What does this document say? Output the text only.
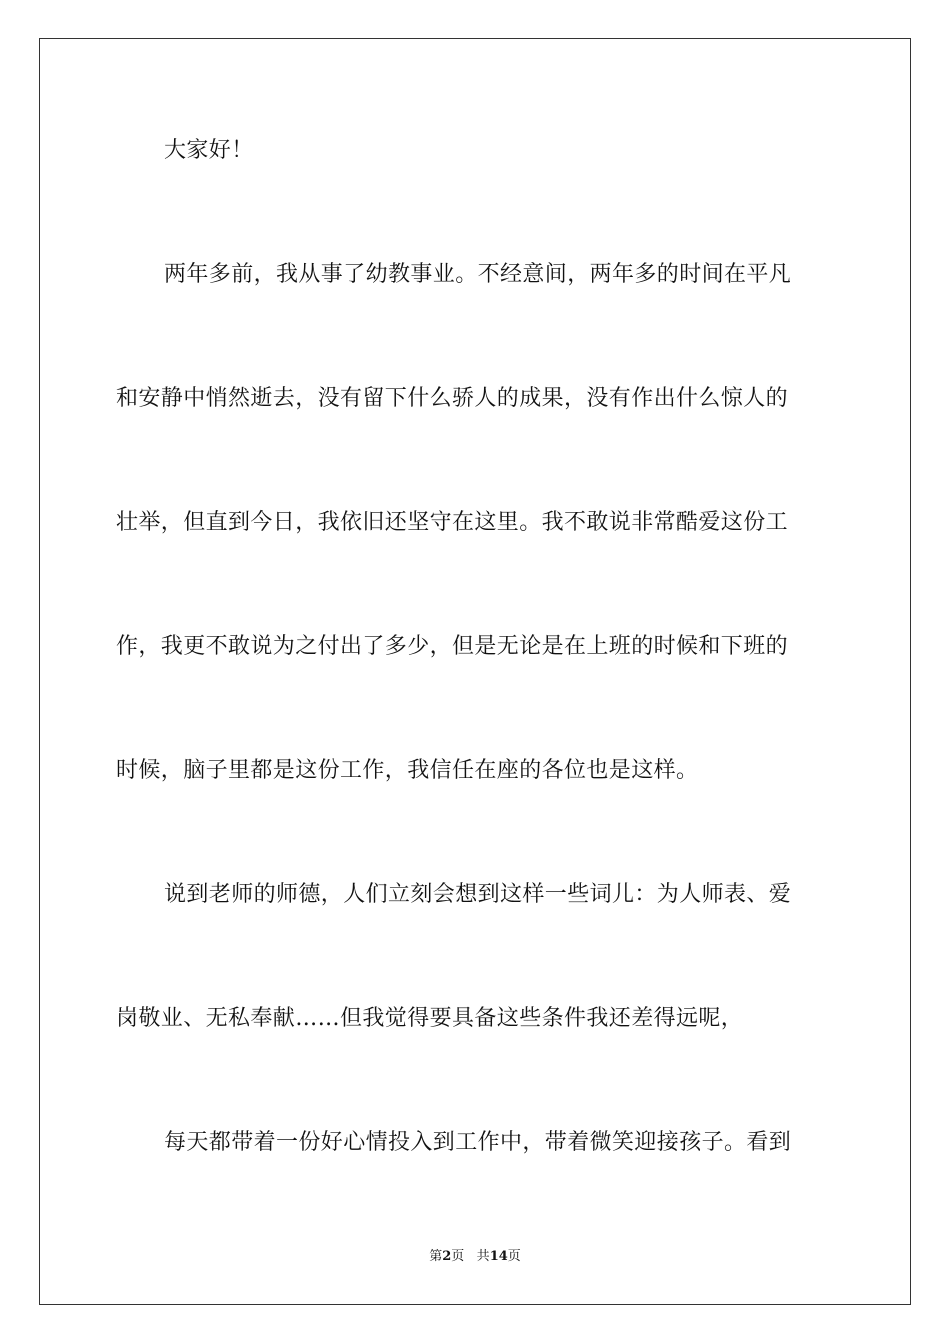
大家好！
两年多前，我从事了幼教事业。不经意间，两年多的时间在平凡
和安静中悄然逝去，没有留下什么骄人的成果，没有作出什么惊人的
壮举，但直到今日，我依旧还坚守在这里。我不敢说非常酷爱这份工
作，我更不敢说为之付出了多少，但是无论是在上班的时候和下班的
时候，脑子里都是这份工作，我信任在座的各位也是这样。
说到老师的师德，人们立刻会想到这样一些词儿：为人师表、爱
岗敬业、无私奉献……但我觉得要具备这些条件我还差得远呢，
每天都带着一份好心情投入到工作中，带着微笑迎接孩子。看到
第2页 共14页
